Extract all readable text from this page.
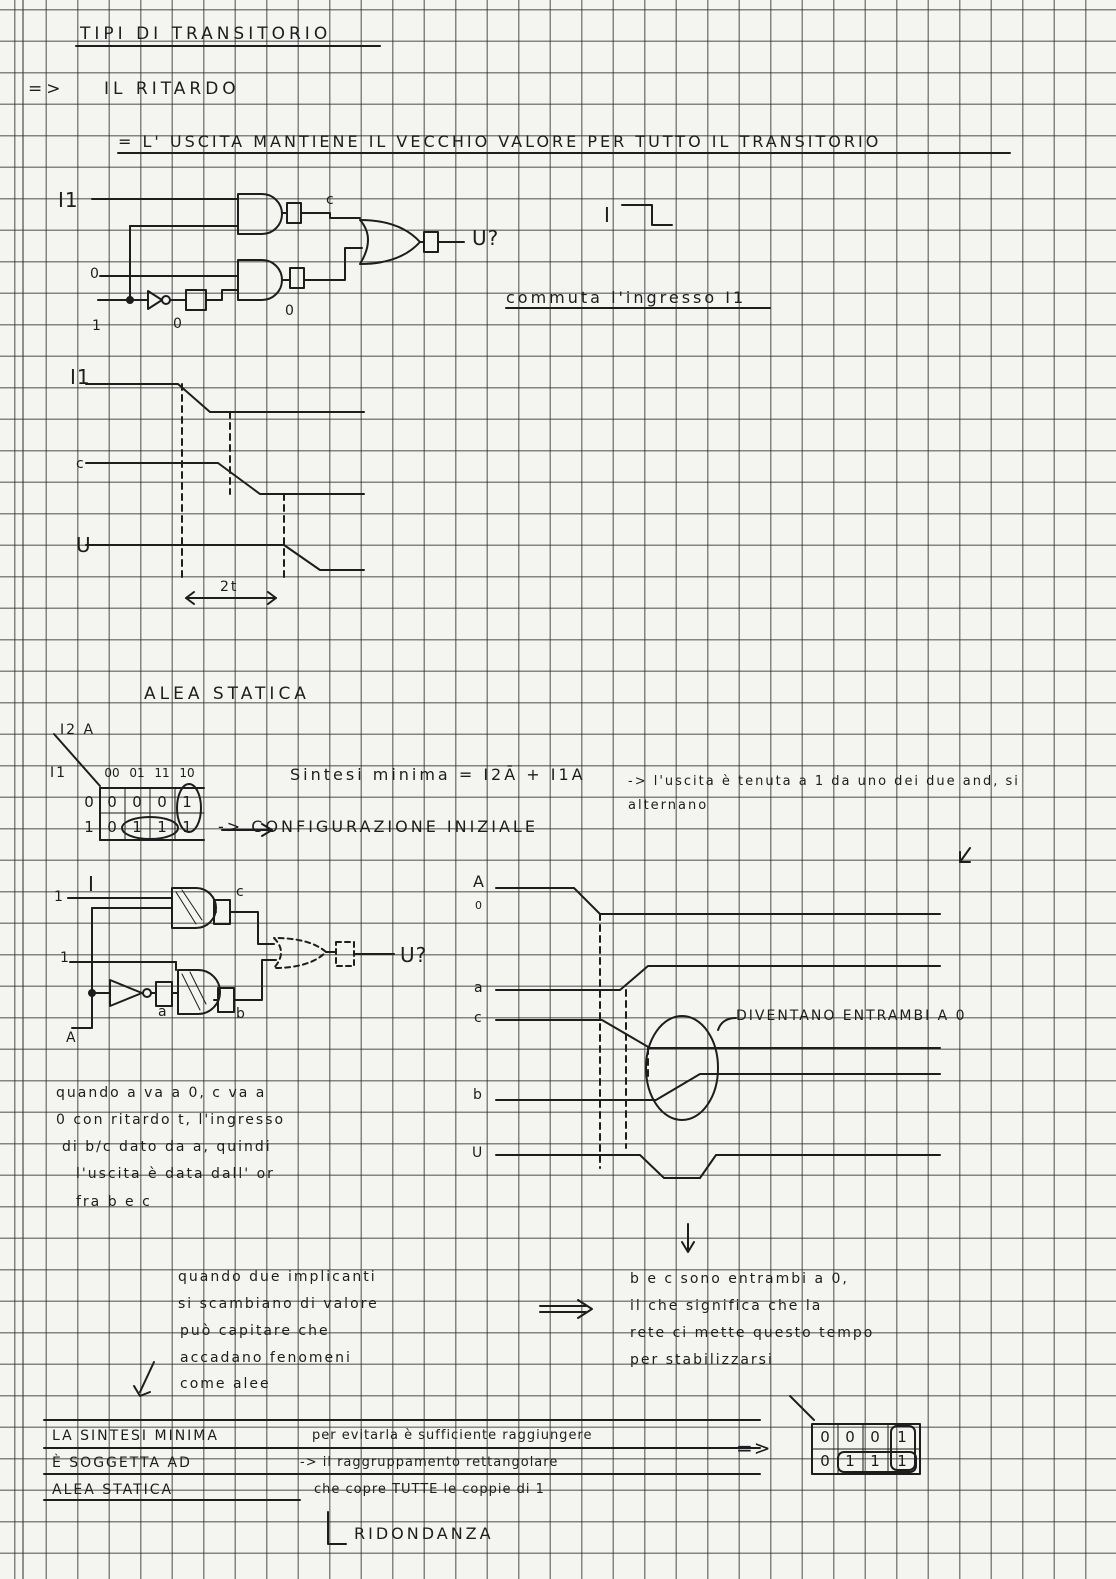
TIPI DI TRANSITORIO
=> IL RITARDO
= L' USCITA MANTIENE IL VECCHIO VALORE PER TUTTO IL TRANSITORIO
I1
0
1
c
0
0
U?
I
commuta l'ingresso I1
I1
c
U
2t
ALEA STATICA
I2 A
I1	00 01 11 10
0
1
0 0 0 1
0 1 1 1
Sintesi minima = I2Ā + I1A	-> l'uscita è tenuta a 1 da uno dei due and, si alternano
-> CONFIGURAZIONE INIZIALE
1
I
1
A
c
a	b
U?
A
0
a
c
b
U
DIVENTANO ENTRAMBI A 0
quando a va a 0, c va a
0 con ritardo t, l'ingresso
di b/c dato da a, quindi
l'uscita è data dall' or
fra b e c
quando due implicanti
si scambiano di valore
può capitare che
accadano fenomeni
come alee
b e c sono entrambi a 0,
il che significa che la
rete ci mette questo tempo
per stabilizzarsi
LA SINTESI MINIMA
È SOGGETTA AD
ALEA STATICA
per evitarla è sufficiente raggiungere
-> il raggruppamento rettangolare
che copre TUTTE le coppie di 1
=>
RIDONDANZA
0 0 0 1
0 1 1 1
